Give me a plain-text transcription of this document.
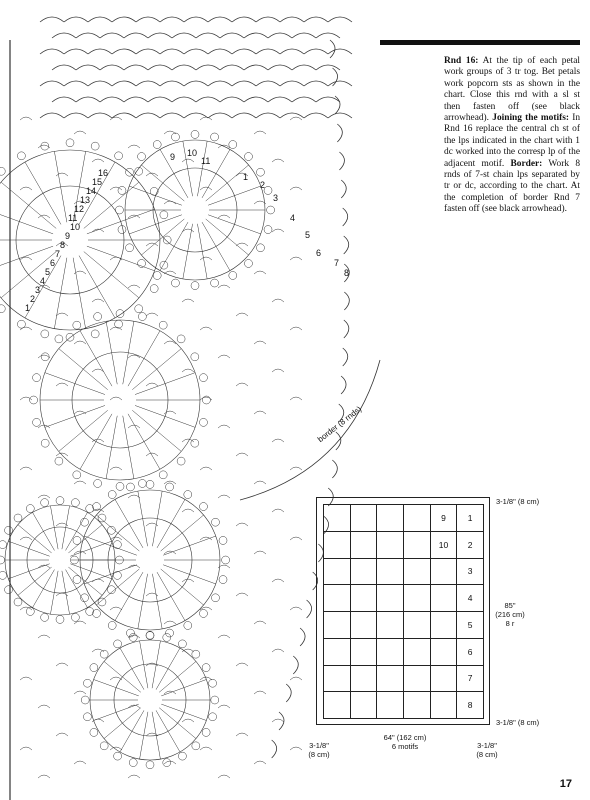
Rnd 16: At the tip of each petal work groups of 3 tr tog. Bet petals work popcorn sts as shown in the chart. Close this rnd with a sl st then fasten off (see black arrowhead). Joining the motifs: In Rnd 16 replace the central ch st of the lps indicated in the chart with 1 dc worked into the corresp lp of the adjacent motif. Border: Work 8 rnds of 7-st chain lps separated by tr or dc, according to the chart. At the completion of border Rnd 7 fasten off (see black arrowhead).
border (8 rnds)
1
2
3
4
5
6
7
8
9 10
11
16
15
14
13
12
11
10
9
8
7
6
5
4
3
2
1
9	1
10	2
3
4
5
6
7
8
3-1/8" (8 cm)
3-1/8" (8 cm)
85"
(216 cm)
8 r
64" (162 cm)
6 motifs
3-1/8"
(8 cm)
3-1/8"
(8 cm)
17
